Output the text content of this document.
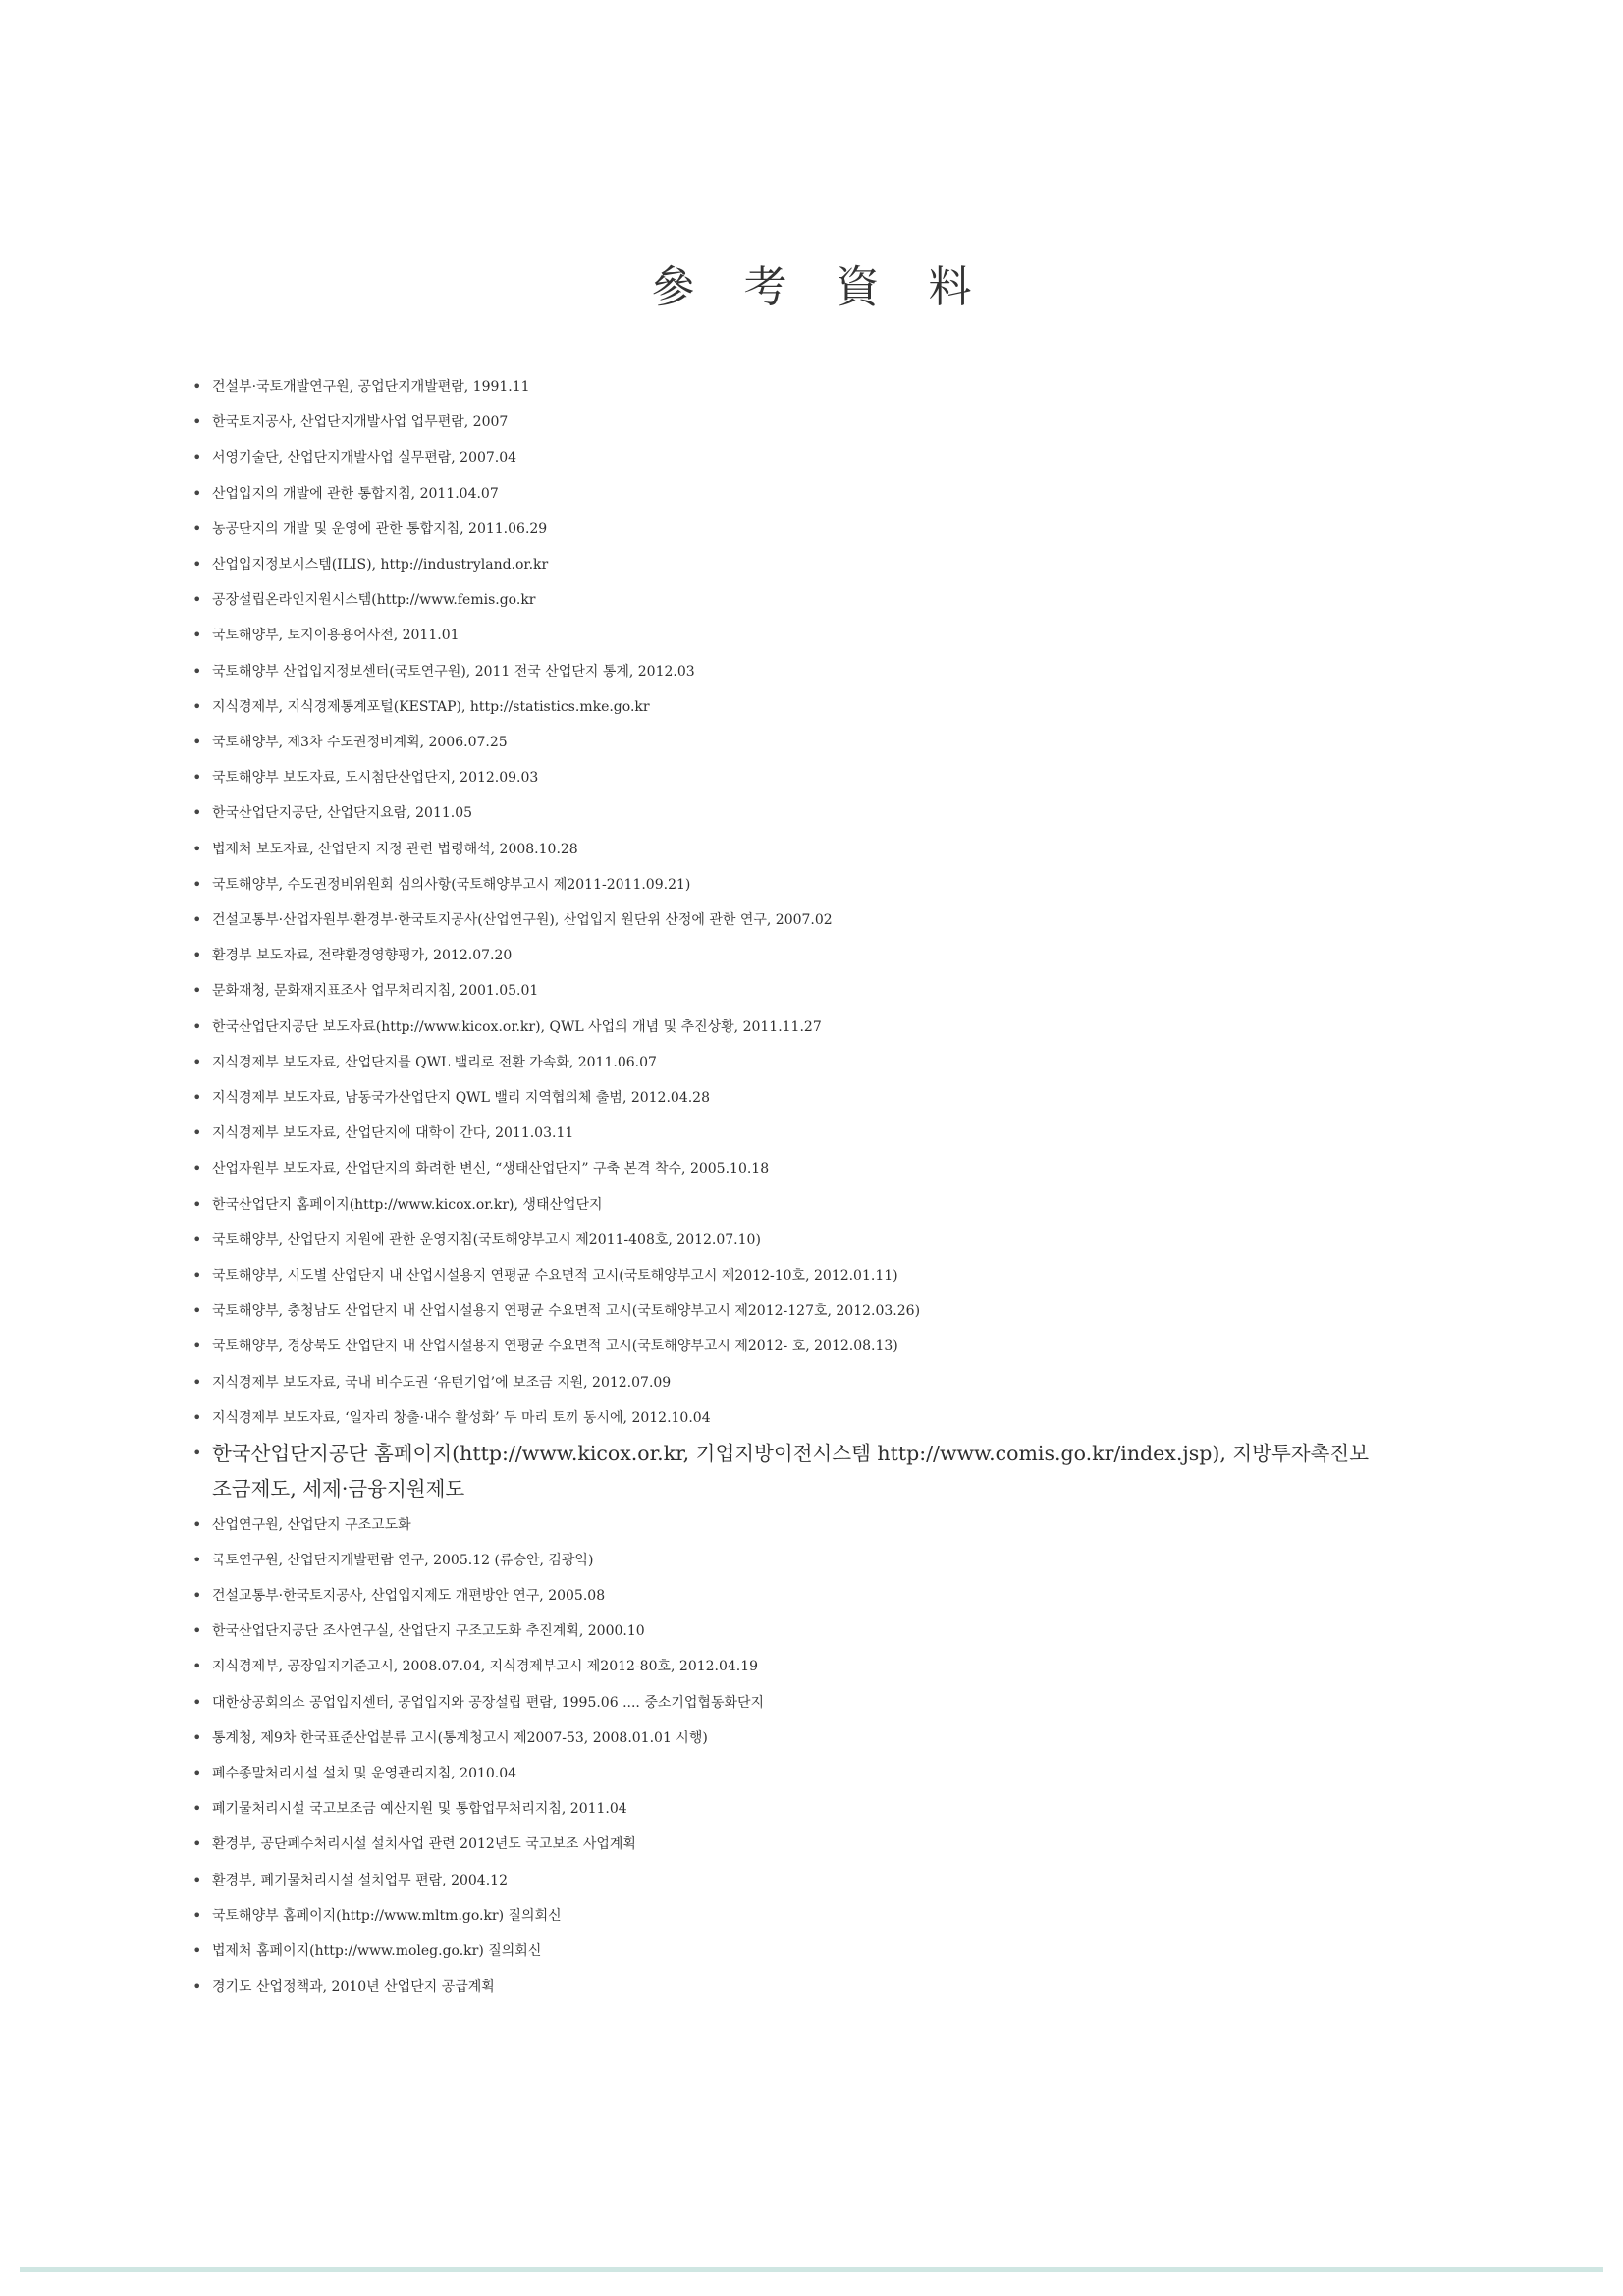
參 考 資 料
• 건설부·국토개발연구원, 공업단지개발편람, 1991.11
• 한국토지공사, 산업단지개발사업 업무편람, 2007
• 서영기술단, 산업단지개발사업 실무편람, 2007.04
• 산업입지의 개발에 관한 통합지침, 2011.04.07
• 농공단지의 개발 및 운영에 관한 통합지침, 2011.06.29
• 산업입지정보시스템(ILIS), http://industryland.or.kr
• 공장설립온라인지원시스템(http://www.femis.go.kr
• 국토해양부, 토지이용용어사전, 2011.01
• 국토해양부 산업입지정보센터(국토연구원), 2011 전국 산업단지 통계, 2012.03
• 지식경제부, 지식경제통계포털(KESTAP), http://statistics.mke.go.kr
• 국토해양부, 제3차 수도권정비계획, 2006.07.25
• 국토해양부 보도자료, 도시첨단산업단지, 2012.09.03
• 한국산업단지공단, 산업단지요람, 2011.05
• 법제처 보도자료, 산업단지 지정 관련 법령해석, 2008.10.28
• 국토해양부, 수도권정비위원회 심의사항(국토해양부고시 제2011-2011.09.21)
• 건설교통부·산업자원부·환경부·한국토지공사(산업연구원), 산업입지 원단위 산정에 관한 연구, 2007.02
• 환경부 보도자료, 전략환경영향평가, 2012.07.20
• 문화재청, 문화재지표조사 업무처리지침, 2001.05.01
• 한국산업단지공단 보도자료(http://www.kicox.or.kr), QWL 사업의 개념 및 추진상황, 2011.11.27
• 지식경제부 보도자료, 산업단지를 QWL 밸리로 전환 가속화, 2011.06.07
• 지식경제부 보도자료, 남동국가산업단지 QWL 밸리 지역협의체 출범, 2012.04.28
• 지식경제부 보도자료, 산업단지에 대학이 간다, 2011.03.11
• 산업자원부 보도자료, 산업단지의 화려한 변신, “생태산업단지” 구축 본격 착수, 2005.10.18
• 한국산업단지 홈페이지(http://www.kicox.or.kr), 생태산업단지
• 국토해양부, 산업단지 지원에 관한 운영지침(국토해양부고시 제2011-408호, 2012.07.10)
• 국토해양부, 시도별 산업단지 내 산업시설용지 연평균 수요면적 고시(국토해양부고시 제2012-10호, 2012.01.11)
• 국토해양부, 충청남도 산업단지 내 산업시설용지 연평균 수요면적 고시(국토해양부고시 제2012-127호, 2012.03.26)
• 국토해양부, 경상북도 산업단지 내 산업시설용지 연평균 수요면적 고시(국토해양부고시 제2012- 호, 2012.08.13)
• 지식경제부 보도자료, 국내 비수도권 ‘유턴기업’에 보조금 지원, 2012.07.09
• 지식경제부 보도자료, ‘일자리 창출·내수 활성화’ 두 마리 토끼 동시에, 2012.10.04
• 한국산업단지공단 홈페이지(http://www.kicox.or.kr, 기업지방이전시스템 http://www.comis.go.kr/index.jsp), 지방투자촉진보조금제도, 세제·금융지원제도
• 산업연구원, 산업단지 구조고도화
• 국토연구원, 산업단지개발편람 연구, 2005.12 (류승안, 김광익)
• 건설교통부·한국토지공사, 산업입지제도 개편방안 연구, 2005.08
• 한국산업단지공단 조사연구실, 산업단지 구조고도화 추진계획, 2000.10
• 지식경제부, 공장입지기준고시, 2008.07.04, 지식경제부고시 제2012-80호, 2012.04.19
• 대한상공회의소 공업입지센터, 공업입지와 공장설립 편람, 1995.06 .... 중소기업협동화단지
• 통계청, 제9차 한국표준산업분류 고시(통계청고시 제2007-53, 2008.01.01 시행)
• 폐수종말처리시설 설치 및 운영관리지침, 2010.04
• 폐기물처리시설 국고보조금 예산지원 및 통합업무처리지침, 2011.04
• 환경부, 공단폐수처리시설 설치사업 관련 2012년도 국고보조 사업계획
• 환경부, 폐기물처리시설 설치업무 편람, 2004.12
• 국토해양부 홈페이지(http://www.mltm.go.kr) 질의회신
• 법제처 홈페이지(http://www.moleg.go.kr) 질의회신
• 경기도 산업정책과, 2010년 산업단지 공급계획
